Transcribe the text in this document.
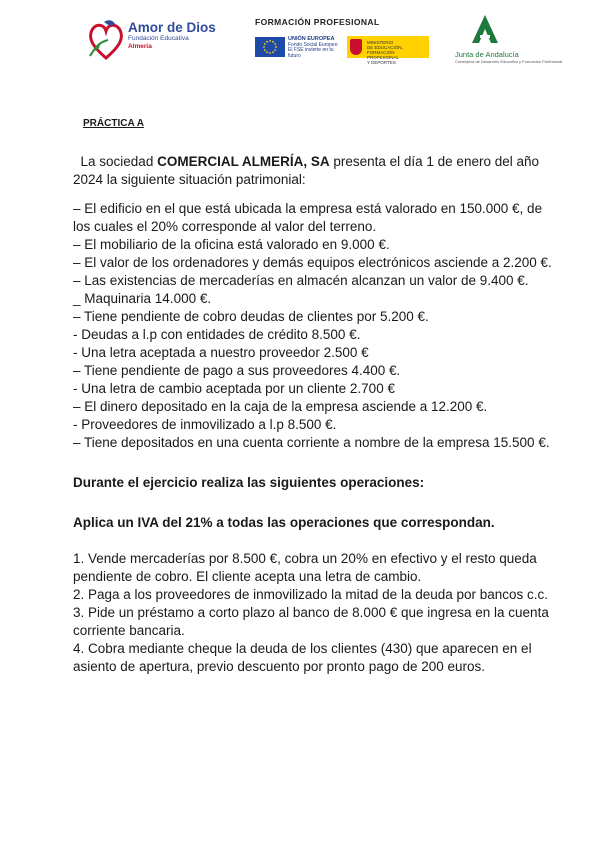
Amor de Dios
Fundación Educativa
Almería
FORMACIÓN PROFESIONAL
UNIÓN EUROPEA
Fondo Social Europeo
El FSE invierte en tu futuro
MINISTERIO
DE EDUCACIÓN, FORMACIÓN PROFESIONAL
Y DEPORTES
Junta de Andalucía
Consejería de Desarrollo Educativo y Formación Profesional
PRÁCTICA A

La sociedad COMERCIAL ALMERÍA, SA presenta el día 1 de enero del año 2024 la siguiente situación patrimonial:

– El edificio en el que está ubicada la empresa está valorado en 150.000 €, de los cuales el 20% corresponde al valor del terreno.
– El mobiliario de la oficina está valorado en 9.000 €.
– El valor de los ordenadores y demás equipos electrónicos asciende a 2.200 €.
– Las existencias de mercaderías en almacén alcanzan un valor de 9.400 €.
_ Maquinaria 14.000 €.
– Tiene pendiente de cobro deudas de clientes por 5.200 €.
- Deudas a l.p con entidades de crédito 8.500 €.
- Una letra aceptada a nuestro proveedor 2.500 €
– Tiene pendiente de pago a sus proveedores 4.400 €.
- Una letra de cambio aceptada por un cliente 2.700 €
– El dinero depositado en la caja de la empresa asciende a 12.200 €.
- Proveedores de inmovilizado a l.p 8.500 €.
– Tiene depositados en una cuenta corriente a nombre de la empresa 15.500 €.
Durante el ejercicio realiza las siguientes operaciones:
Aplica un IVA del 21% a todas las operaciones que correspondan.
1. Vende mercaderías por 8.500 €, cobra un 20% en efectivo y el resto queda pendiente de cobro. El cliente acepta una letra de cambio.
2. Paga a los proveedores de inmovilizado la mitad de la deuda por bancos c.c.
3. Pide un préstamo a corto plazo al banco de 8.000 € que ingresa en la cuenta corriente bancaria.
4. Cobra mediante cheque la deuda de los clientes (430) que aparecen en el asiento de apertura, previo descuento por pronto pago de 200 euros.
